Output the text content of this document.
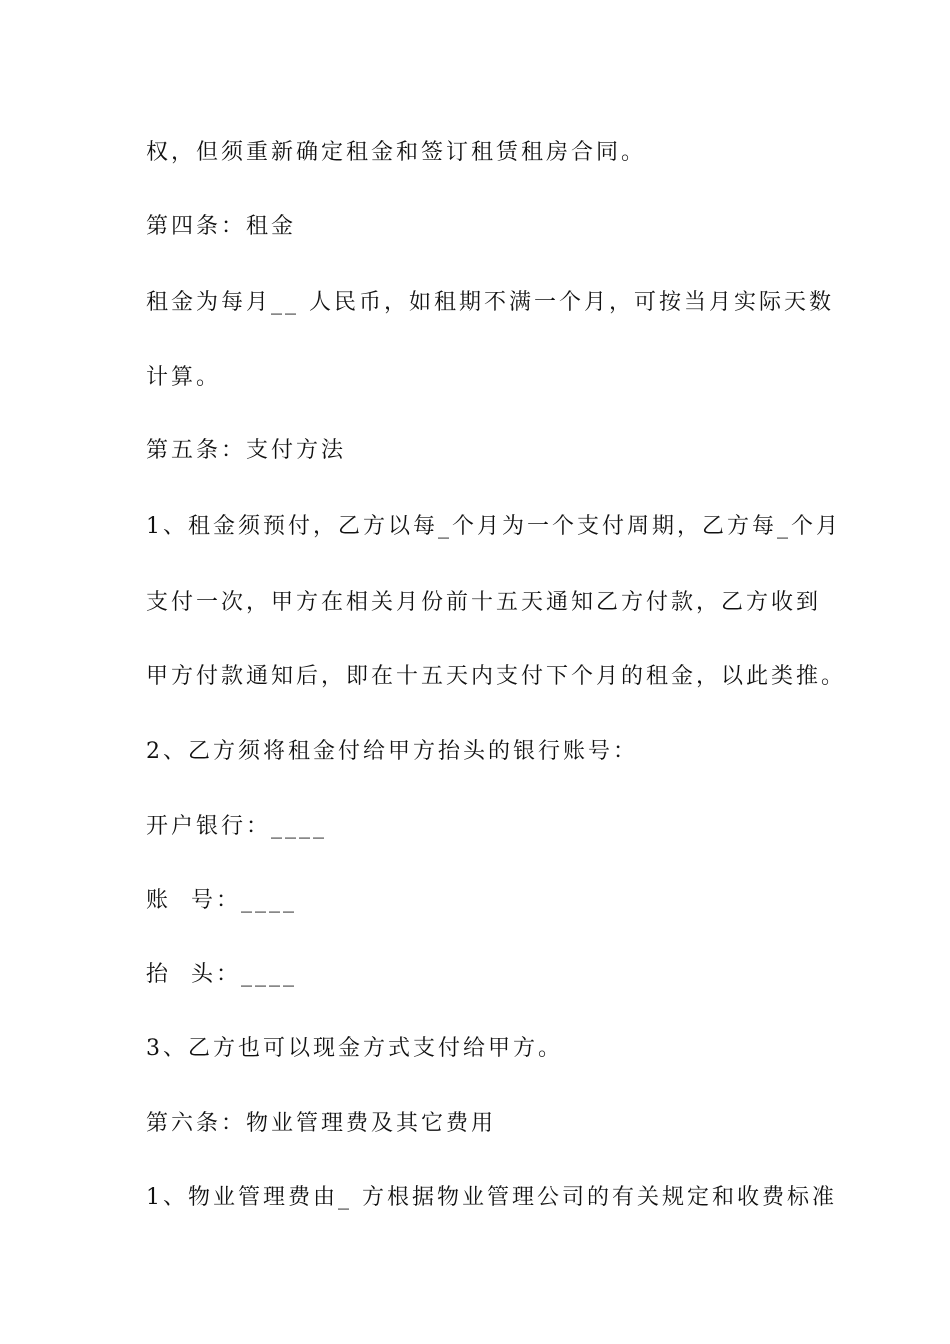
权，但须重新确定租金和签订租赁租房合同。
第四条：租金
租金为每月__ 人民币，如租期不满一个月，可按当月实际天数
计算。
第五条：支付方法
1、租金须预付，乙方以每_个月为一个支付周期，乙方每_个月
支付一次，甲方在相关月份前十五天通知乙方付款，乙方收到
甲方付款通知后，即在十五天内支付下个月的租金，以此类推。
2、乙方须将租金付给甲方抬头的银行账号：
开户银行：____
账  号：____
抬  头：____
3、乙方也可以现金方式支付给甲方。
第六条：物业管理费及其它费用
1、物业管理费由_ 方根据物业管理公司的有关规定和收费标准
